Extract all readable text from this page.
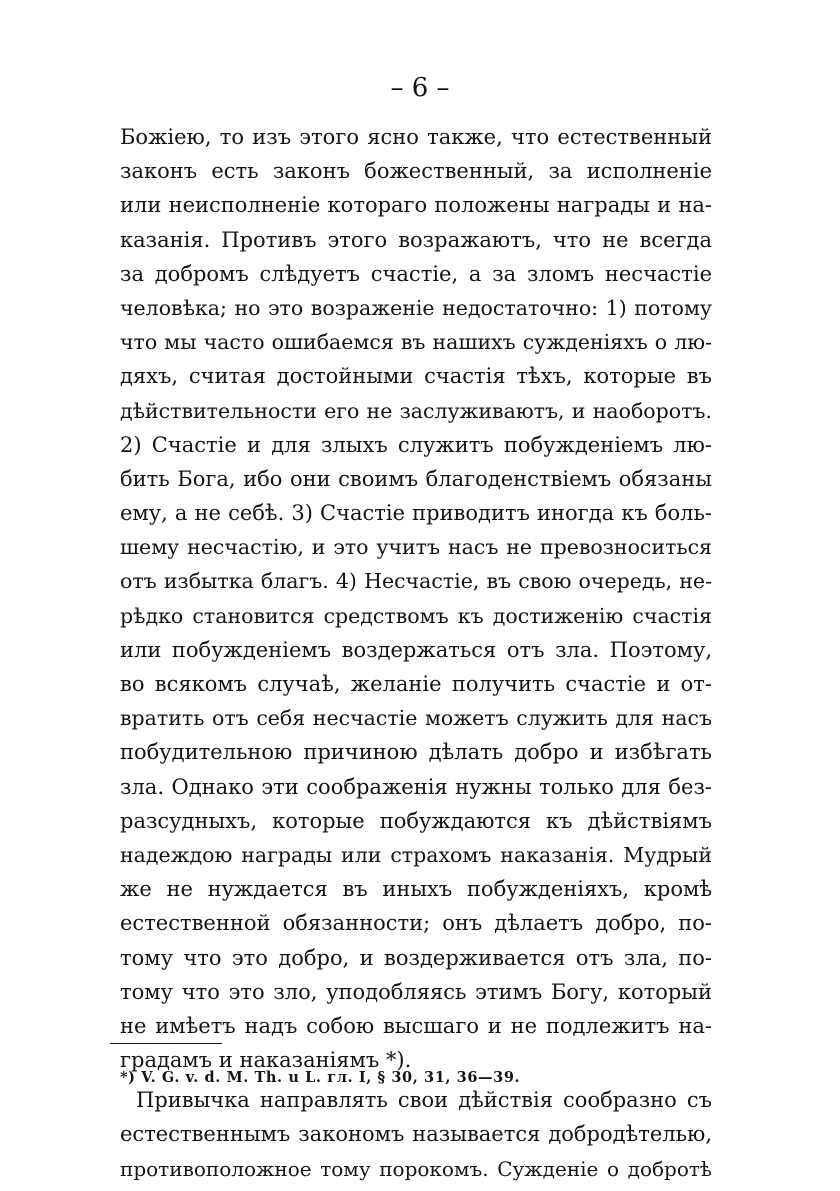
– 6 –
Божiею, то изъ этого ясно также, что естественный
законъ есть законъ божественный, за исполненiе
или неисполненiе котораго положены награды и на-
казанiя. Противъ этого возражаютъ, что не всегда
за добромъ слѣдуетъ счастiе, а за зломъ несчастiе
человѣка; но это возраженiе недостаточно: 1) потому
что мы часто ошибаемся въ нашихъ сужденiяхъ о лю-
дяхъ, считая достойными счастiя тѣхъ, которые въ
дѣйствительности его не заслуживаютъ, и наоборотъ.
2) Счастiе и для злыхъ служитъ побужденiемъ лю-
бить Бога, ибо они своимъ благоденствiемъ обязаны
ему, а не себѣ. 3) Счастiе приводитъ иногда къ боль-
шему несчастiю, и это учитъ насъ не превозноситься
отъ избытка благъ. 4) Несчастiе, въ свою очередь, не-
рѣдко становится средствомъ къ достиженiю счастiя
или побужденiемъ воздержаться отъ зла. Поэтому,
во всякомъ случаѣ, желанiе получить счастiе и от-
вратить отъ себя несчастiе можетъ служить для насъ
побудительною причиною дѣлать добро и избѣгать
зла. Однако эти соображенiя нужны только для без-
разсудныхъ, которые побуждаются къ дѣйствiямъ
надеждою награды или страхомъ наказанiя. Мудрый
же не нуждается въ иныхъ побужденiяхъ, кромѣ
естественной обязанности; онъ дѣлаетъ добро, по-
тому что это добро, и воздерживается отъ зла, по-
тому что это зло, уподобляясь этимъ Богу, который
не имѣетъ надъ собою высшаго и не подлежитъ на-
градамъ и наказанiямъ *).
Привычка направлять свои дѣйствiя сообразно съ
естественнымъ закономъ называется добродѣтелью,
противоположное тому порокомъ. Сужденiе о добротѣ
*) V. G. v. d. M. Th. u L. гл. I, § 30, 31, 36—39.
